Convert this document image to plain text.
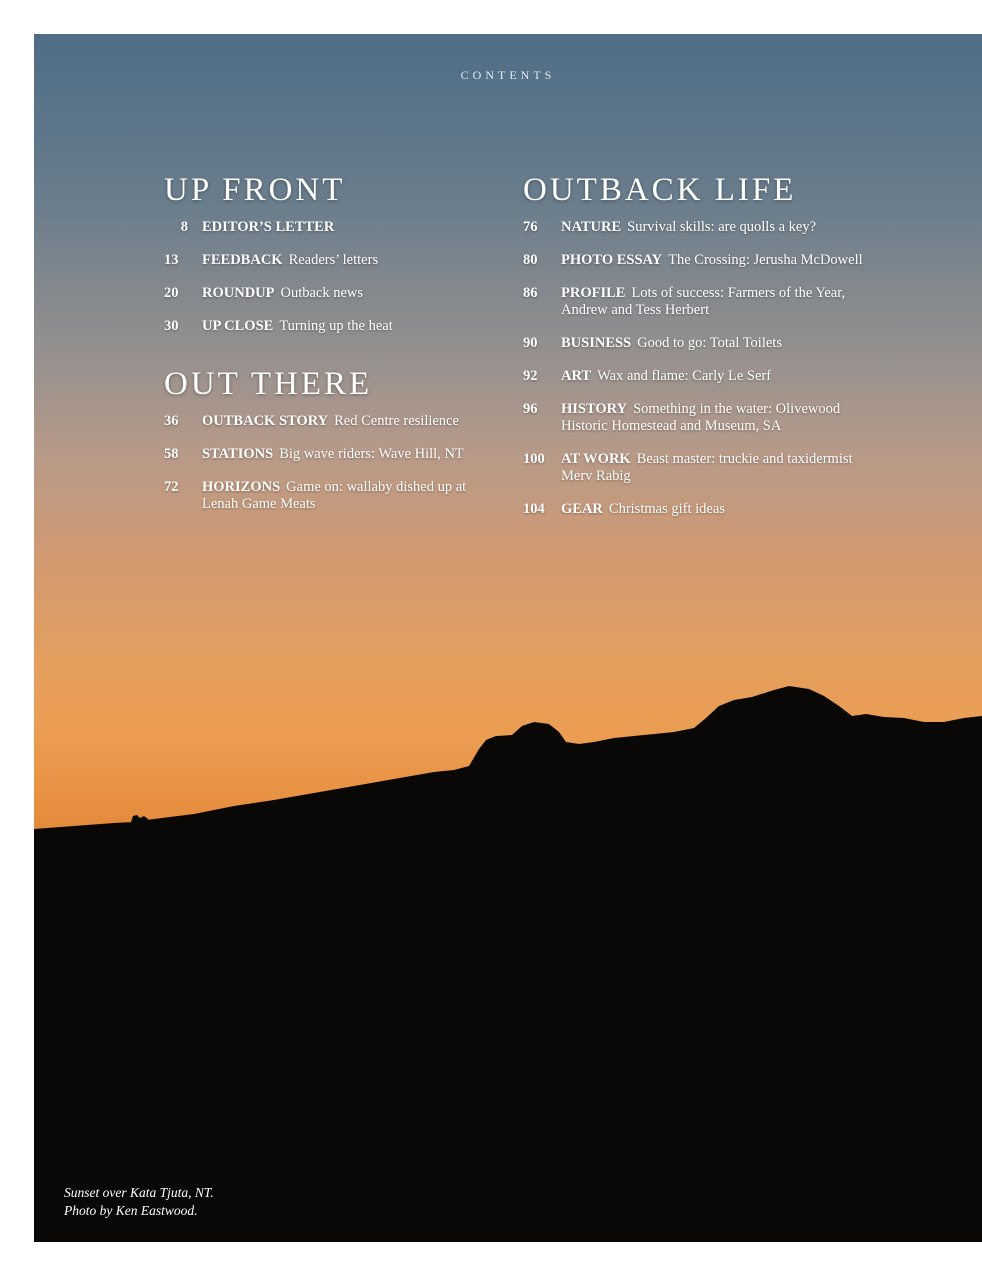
CONTENTS
UP FRONT
8 EDITOR’S LETTER
13	FEEDBACK Readers’ letters
20	ROUNDUP Outback news
30	UP CLOSE Turning up the heat
OUT THERE
36	OUTBACK STORY Red Centre resilience
58	STATIONS Big wave riders: Wave Hill, NT
72	HORIZONS Game on: wallaby dished up at Lenah Game Meats
OUTBACK LIFE
76	NATURE Survival skills: are quolls a key?
80	PHOTO ESSAY The Crossing: Jerusha McDowell
86	PROFILE Lots of success: Farmers of the Year, Andrew and Tess Herbert
90	BUSINESS Good to go: Total Toilets
92	ART Wax and flame: Carly Le Serf
96	HISTORY Something in the water: Olivewood Historic Homestead and Museum, SA
100	AT WORK Beast master: truckie and taxidermist Merv Rabig
104	GEAR Christmas gift ideas
Sunset over Kata Tjuta, NT.
Photo by Ken Eastwood.
